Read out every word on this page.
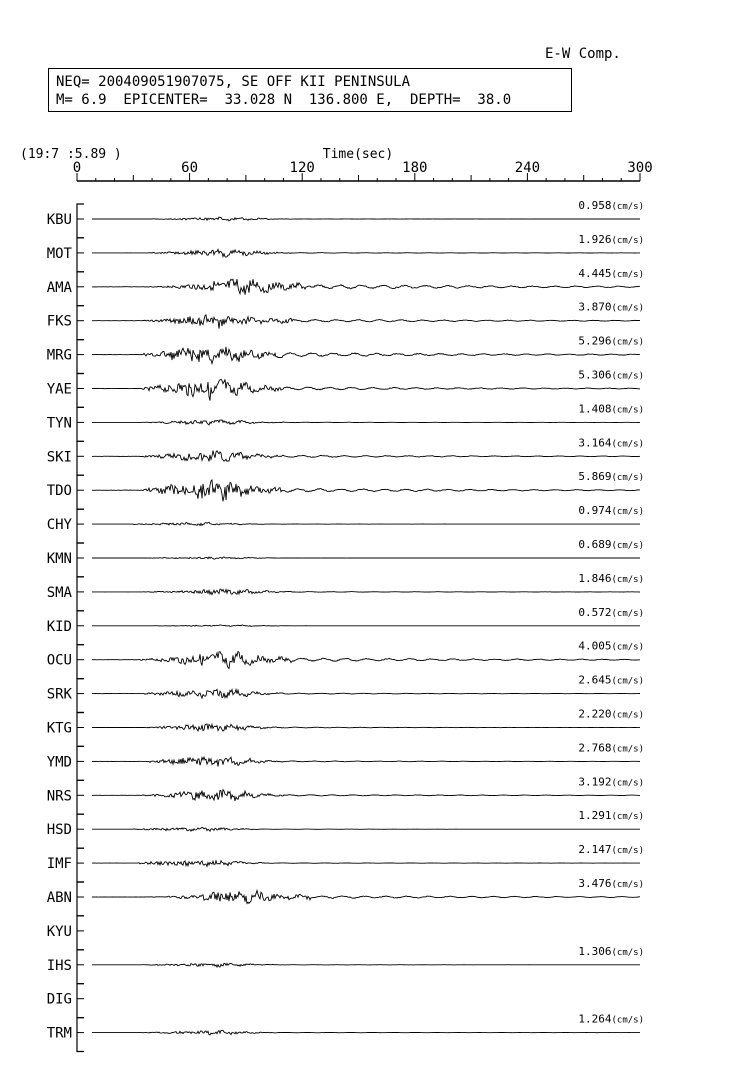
E-W Comp.
NEQ= 200409051907075, SE OFF KII PENINSULA
M= 6.9  EPICENTER=  33.028 N  136.800 E,  DEPTH=  38.0
(19:7 :5.89 )	Time(sec)
0	60	120	180	240	300
KBU
0.958(cm/s)
MOT
1.926(cm/s)
AMA
4.445(cm/s)
FKS
3.870(cm/s)
MRG
5.296(cm/s)
YAE
5.306(cm/s)
TYN
1.408(cm/s)
SKI
3.164(cm/s)
TDO
5.869(cm/s)
CHY
0.974(cm/s)
KMN
0.689(cm/s)
SMA
1.846(cm/s)
KID
0.572(cm/s)
OCU
4.005(cm/s)
SRK
2.645(cm/s)
KTG
2.220(cm/s)
YMD
2.768(cm/s)
NRS
3.192(cm/s)
HSD
1.291(cm/s)
IMF
2.147(cm/s)
ABN
3.476(cm/s)
KYU
IHS
1.306(cm/s)
DIG
TRM
1.264(cm/s)
